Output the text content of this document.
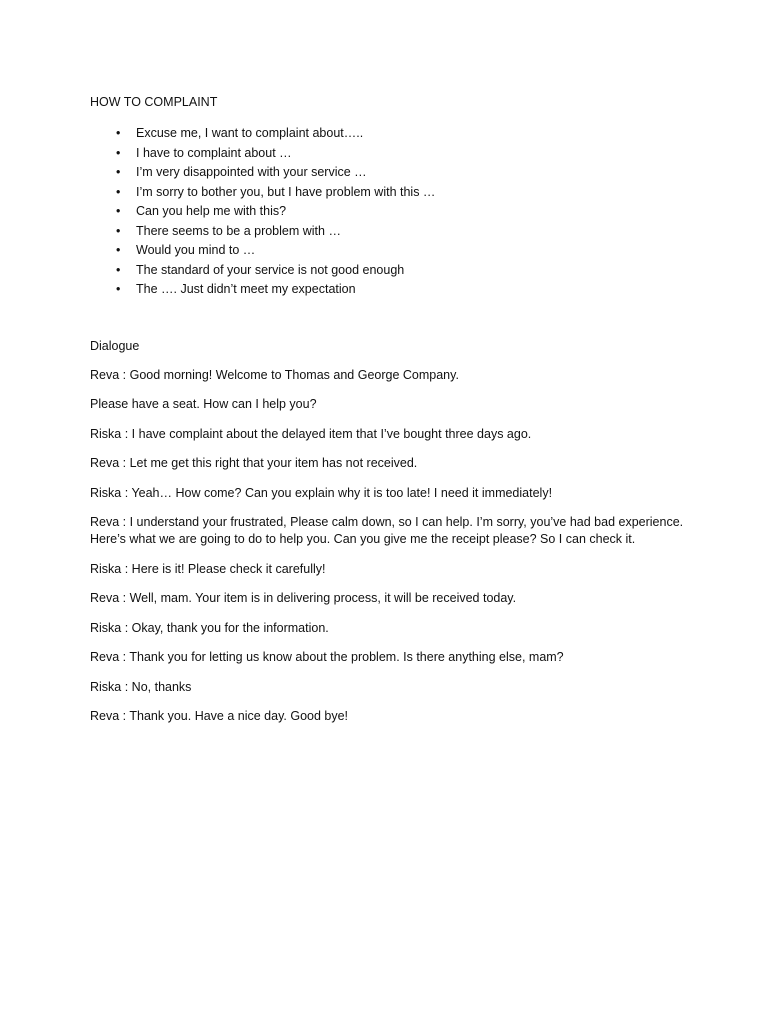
HOW TO COMPLAINT
• Excuse me, I want to complaint about…..
• I have to complaint about …
• I’m very disappointed with your service …
• I’m sorry to bother you, but I have problem with this …
• Can you help me with this?
• There seems to be a problem with …
• Would you mind to …
• The standard of your service is not good enough
• The …. Just didn’t meet my expectation
Dialogue

Reva : Good morning! Welcome to Thomas and George Company.

Please have a seat. How can I help you?

Riska : I have complaint about the delayed item that I’ve bought three days ago.

Reva : Let me get this right that your item has not received.

Riska : Yeah… How come? Can you explain why it is too late! I need it immediately!

Reva : I understand your frustrated, Please calm down, so I can help. I’m sorry, you’ve had bad experience. Here’s what we are going to do to help you. Can you give me the receipt please? So I can check it.

Riska : Here is it! Please check it carefully!

Reva : Well, mam. Your item is in delivering process, it will be received today.

Riska : Okay, thank you for the information.

Reva : Thank you for letting us know about the problem. Is there anything else, mam?

Riska : No, thanks

Reva : Thank you. Have a nice day. Good bye!
